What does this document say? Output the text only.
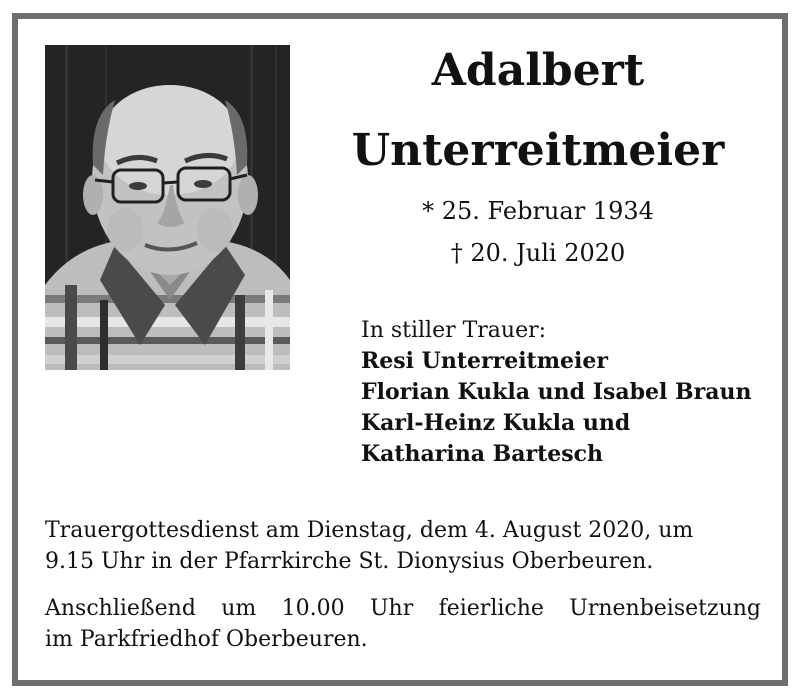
Adalbert
Unterreitmeier
* 25. Februar 1934
† 20. Juli 2020
In stiller Trauer:
Resi Unterreitmeier
Florian Kukla und Isabel Braun
Karl-Heinz Kukla und
Katharina Bartesch
Trauergottesdienst am Dienstag, dem 4. August 2020, um
9.15 Uhr in der Pfarrkirche St. Dionysius Oberbeuren.
Anschließend um 10.00 Uhr feierliche Urnenbeisetzung
im Parkfriedhof Oberbeuren.
